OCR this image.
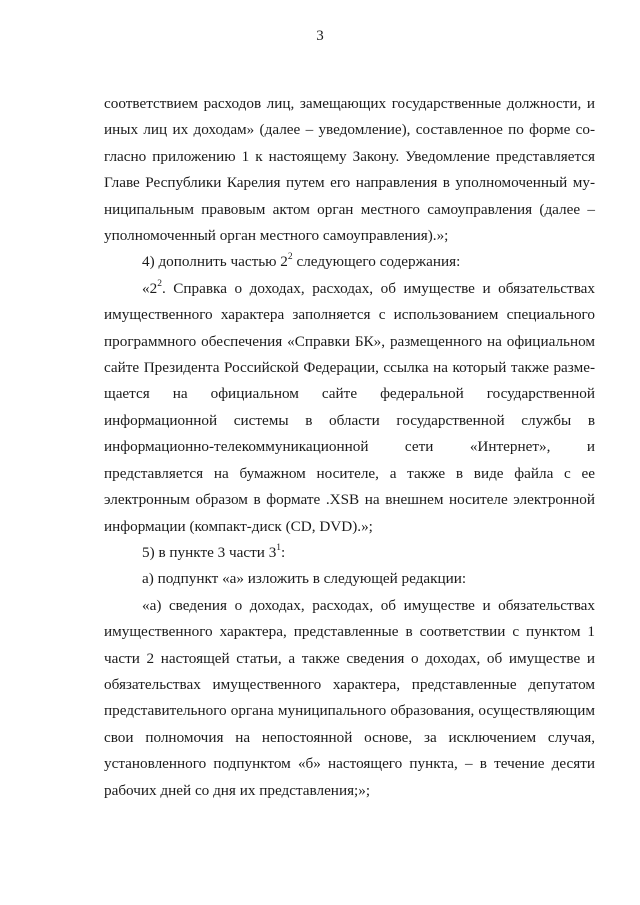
3

соответствием расходов лиц, замещающих государственные должности, и иных лиц их доходам» (далее – уведомление), составленное по форме согласно приложению 1 к настоящему Закону. Уведомление представляется Главе Республики Карелия путем его направления в уполномоченный муниципальным правовым актом орган местного самоуправления (далее – уполномоченный орган местного самоуправления).»;

4) дополнить частью $2^2$ следующего содержания:

«$2^2$. Справка о доходах, расходах, об имуществе и обязательствах имущественного характера заполняется с использованием специального программного обеспечения «Справки БК», размещенного на официальном сайте Президента Российской Федерации, ссылка на который также размещается на официальном сайте федеральной государственной информационной системы в области государственной службы в информационно-телекоммуникационной сети «Интернет», и представляется на бумажном носителе, а также в виде файла с ее электронным образом в формате .XSB на внешнем носителе электронной информации (компакт-диск (CD, DVD).»;

5) в пункте 3 части $3^1$:

а) подпункт «а» изложить в следующей редакции:

«а) сведения о доходах, расходах, об имуществе и обязательствах имущественного характера, представленные в соответствии с пунктом 1 части 2 настоящей статьи, а также сведения о доходах, об имуществе и обязательствах имущественного характера, представленные депутатом представительного органа муниципального образования, осуществляющим свои полномочия на непостоянной основе, за исключением случая, установленного подпунктом «б» настоящего пункта, – в течение десяти рабочих дней со дня их представления;»;
